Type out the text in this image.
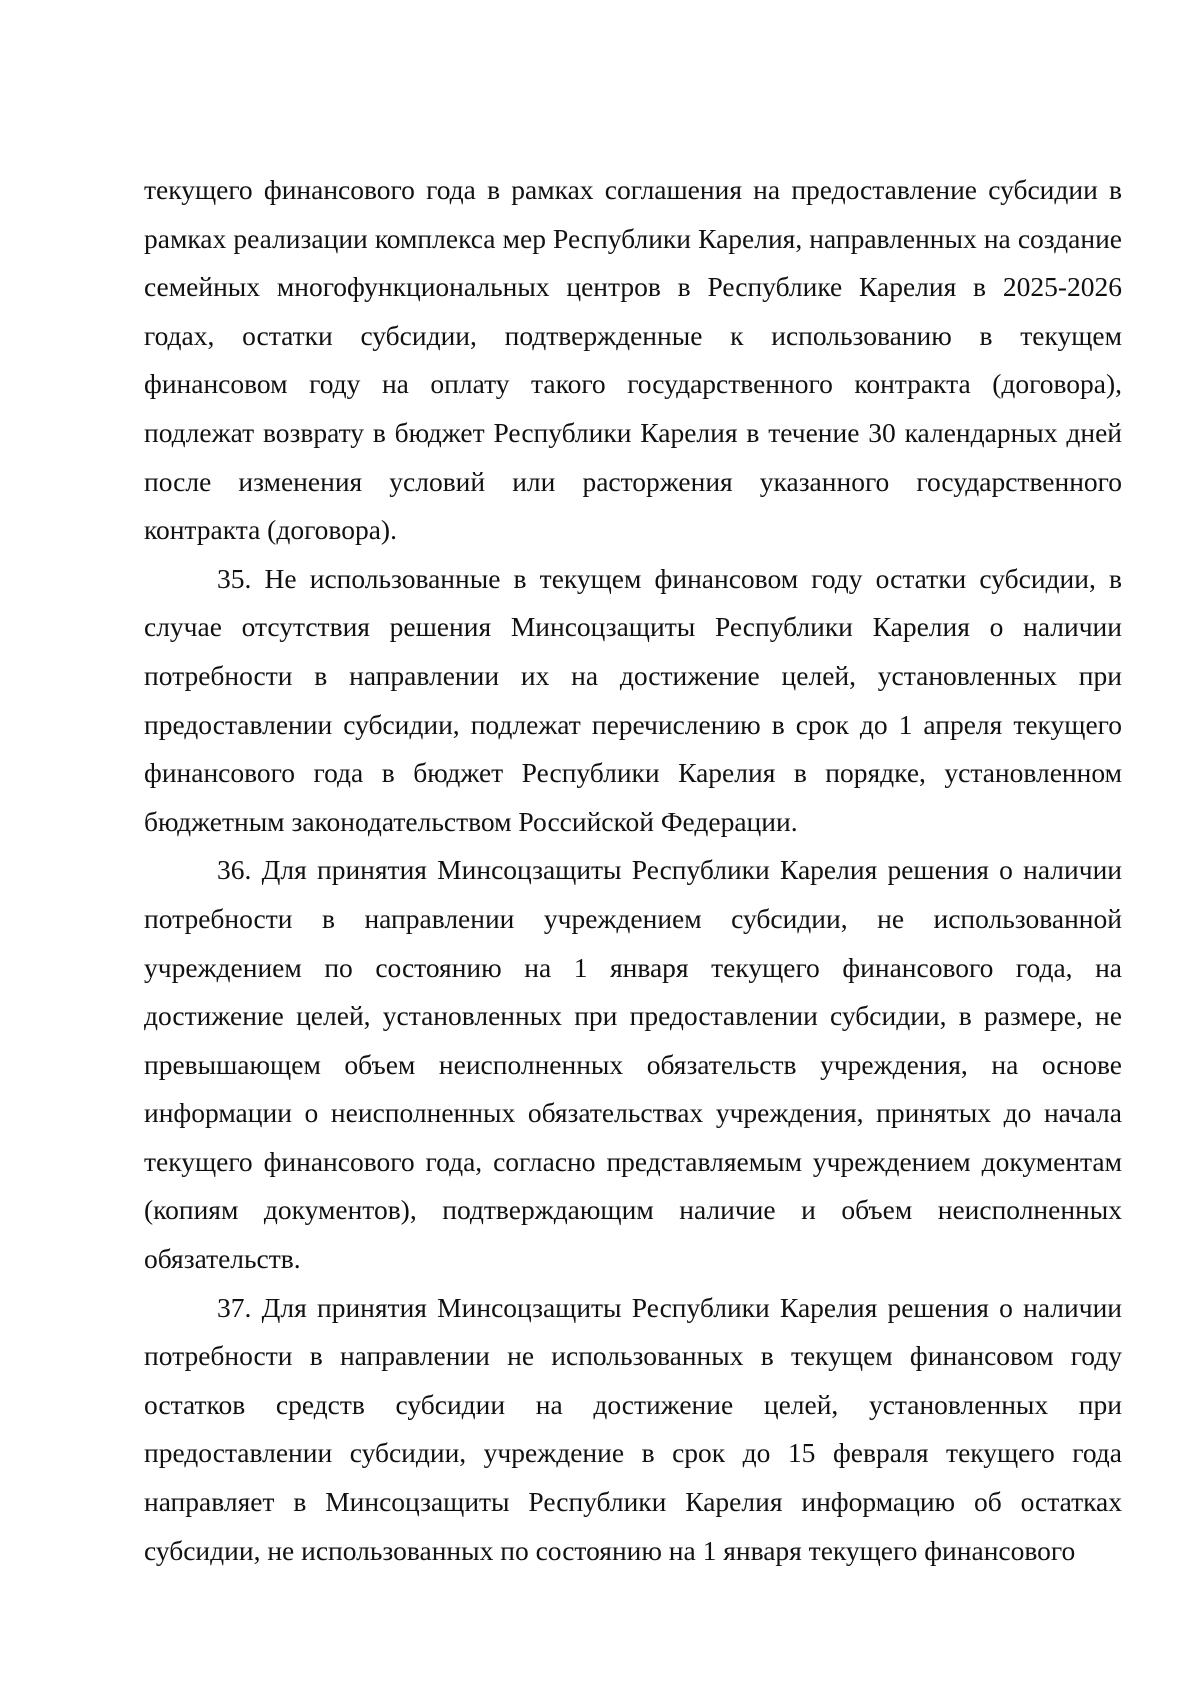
текущего финансового года в рамках соглашения на предоставление субсидии в рамках реализации комплекса мер Республики Карелия, направленных на создание семейных многофункциональных центров в Республике Карелия в 2025-2026 годах, остатки субсидии, подтвержденные к использованию в текущем финансовом году на оплату такого государственного контракта (договора), подлежат возврату в бюджет Республики Карелия в течение 30 календарных дней после изменения условий или расторжения указанного государственного контракта (договора).

35. Не использованные в текущем финансовом году остатки субсидии, в случае отсутствия решения Минсоцзащиты Республики Карелия о наличии потребности в направлении их на достижение целей, установленных при предоставлении субсидии, подлежат перечислению в срок до 1 апреля текущего финансового года в бюджет Республики Карелия в порядке, установленном бюджетным законодательством Российской Федерации.

36. Для принятия Минсоцзащиты Республики Карелия решения о наличии потребности в направлении учреждением субсидии, не использованной учреждением по состоянию на 1 января текущего финансового года, на достижение целей, установленных при предоставлении субсидии, в размере, не превышающем объем неисполненных обязательств учреждения, на основе информации о неисполненных обязательствах учреждения, принятых до начала текущего финансового года, согласно представляемым учреждением документам (копиям документов), подтверждающим наличие и объем неисполненных обязательств.

37. Для принятия Минсоцзащиты Республики Карелия решения о наличии потребности в направлении не использованных в текущем финансовом году остатков средств субсидии на достижение целей, установленных при предоставлении субсидии, учреждение в срок до 15 февраля текущего года направляет в Минсоцзащиты Республики Карелия информацию об остатках субсидии, не использованных по состоянию на 1 января текущего финансового
